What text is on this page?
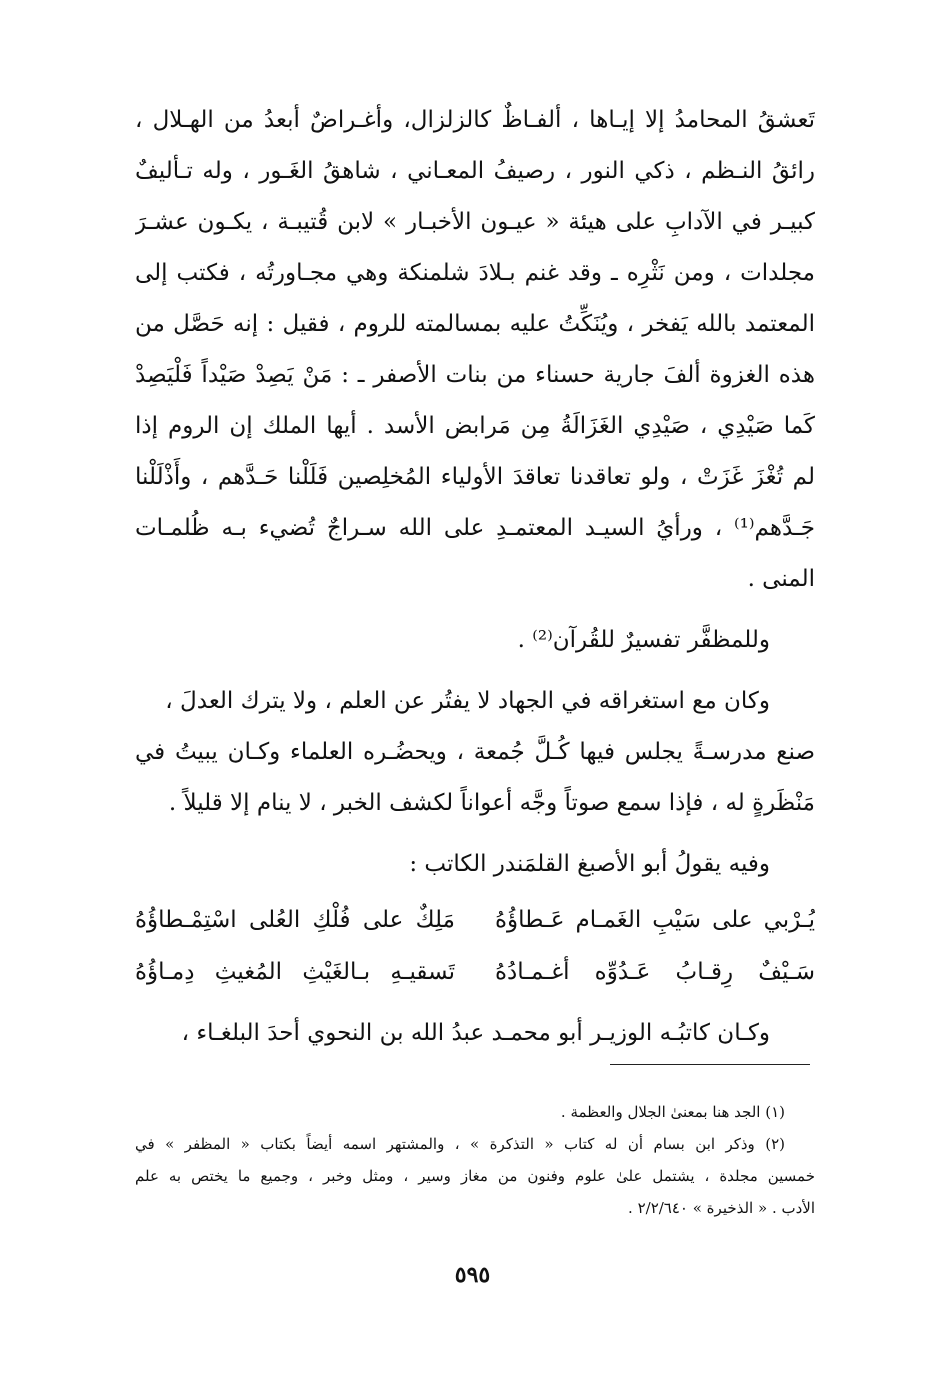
تَعشقُ المحامدُ إلا إيـاها ، ألفـاظٌ كالزلزال، وأغـراضٌ أبعدُ من الهـلال ،
رائقُ النـظم ، ذكي النور ، رصيفُ المعـاني ، شاهقُ الغَـور ، وله تـأليفٌ
كبيـر في الآدابِ على هيئة « عيـون الأخبـار » لابن قُتيبـة ، يكـون عشـرَ
مجلدات ، ومن نَثْرِه ـ وقد غنم بـلادَ شلمنكة وهي مجـاورتُه ، فكتب إلى
المعتمد بالله يَفخر ، ويُنَكِّتُ عليه بمسالمته للروم ، فقيل : إنه حَصَّل من
هذه الغزوة ألفَ جارية حسناء من بنات الأصفر ـ : مَنْ يَصِدْ صَيْداً فَلْيَصِدْ
كَما صَيْدِي ، صَيْدِي الغَزَالَةُ مِن مَرابض الأسد . أيها الملك إن الروم إذا
لم تُغْزَ غَزَتْ ، ولو تعاقدنا تعاقدَ الأولياء المُخلِصين فَلَلْنا حَـدَّهم ، وأَذْلَلْنا
جَـدَّهم⁽¹⁾ ، ورأيُ السيـد المعتمـدِ على الله سـراجٌ تُضيء بـه ظُلمـات
المنى .
وللمظفَّر تفسيرٌ للقُرآن⁽²⁾ .
وكان مع استغراقه في الجهاد لا يفتُر عن العلم ، ولا يترك العدلَ ،
صنع مدرسـةً يجلس فيها كُـلَّ جُمعة ، ويحضُـره العلماء وكـان يبيتُ في
مَنْظَرةٍ له ، فإذا سمع صوتاً وجَّه أعواناً لكشف الخبر ، لا ينام إلا قليلاً .
وفيه يقولُ أبو الأصبغ القلمَندر الكاتب :
يُـرْبي على سَيْبِ الغَمـام عَـطاؤُهُ
مَلِكٌ على فُلْكِ العُلى اسْتِمْـطاؤُهُ
سَـيْفٌ رِقـابُ عَـدُوِّه أغـمـادُهُ
تَسقيـهِ بـالغَيْثِ المُغيثِ دِمـاؤُهُ
وكـان كاتبُـه الوزيـر أبو محمـد عبدُ الله بن النحوي أحدَ البلغـاء ،
(١) الجد هنا بمعنىٰ الجلال والعظمة .
(٢) وذكر ابن بسام أن له كتاب « التذكرة » ، والمشتهر اسمه أيضاً بكتاب « المظفر » في
خمسين مجلدة ، يشتمل علىٰ علوم وفنون من مغاز وسير ، ومثل وخبر ، وجميع ما يختص به علم
الأدب . « الذخيرة » ٢/٢/٦٤٠ .
٥٩٥
